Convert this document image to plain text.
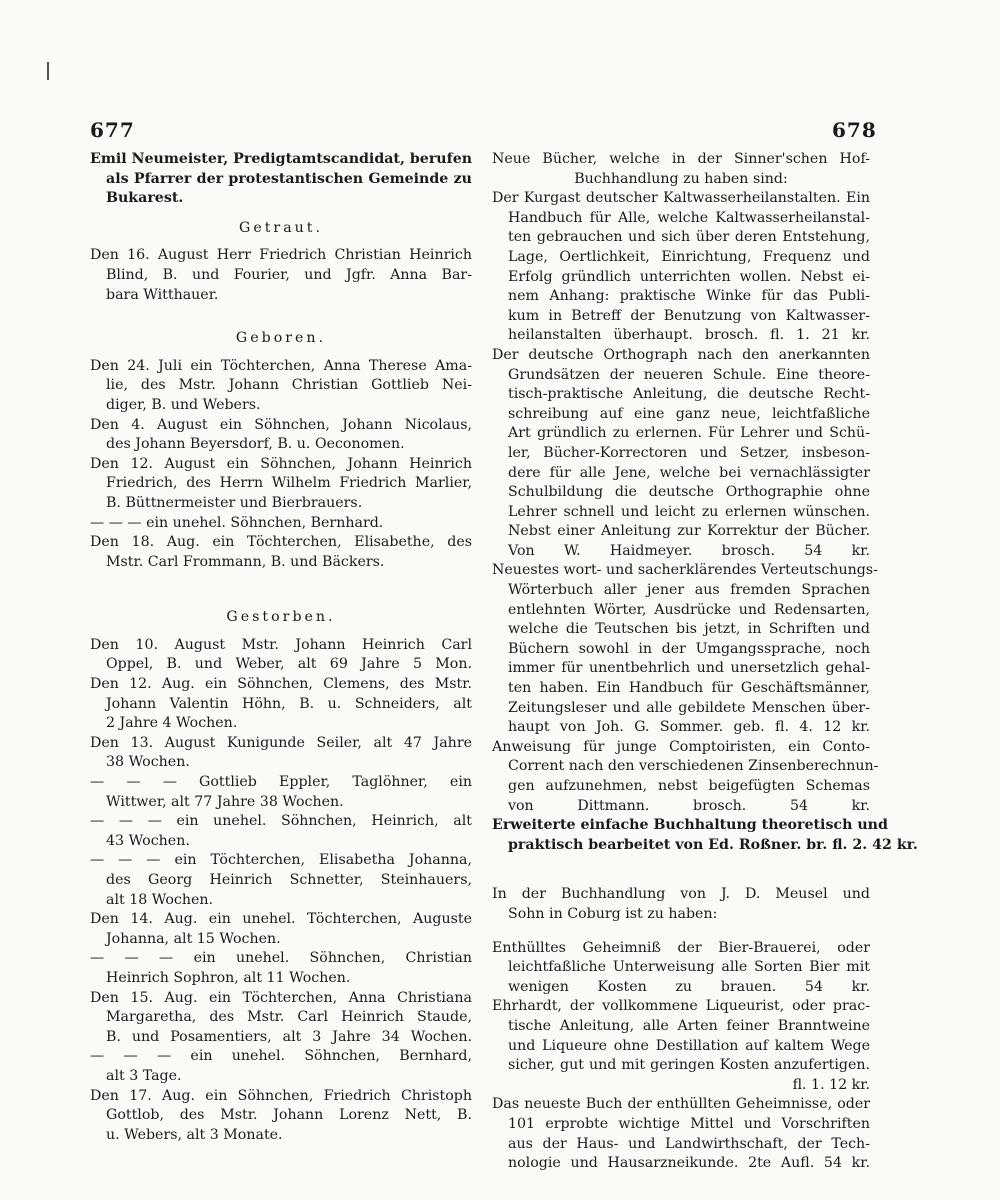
677	678
Emil Neumeister, Predigtamtscandidat, berufen
als Pfarrer der protestantischen Gemeinde zu
Bukarest.
Getraut.
Den 16. August Herr Friedrich Christian Heinrich
Blind, B. und Fourier, und Jgfr. Anna Bar-
bara Witthauer.
Geboren.
Den 24. Juli ein Töchterchen, Anna Therese Ama-
lie, des Mstr. Johann Christian Gottlieb Nei-
diger, B. und Webers.
Den 4. August ein Söhnchen, Johann Nicolaus,
des Johann Beyersdorf, B. u. Oeconomen.
Den 12. August ein Söhnchen, Johann Heinrich
Friedrich, des Herrn Wilhelm Friedrich Marlier,
B. Büttnermeister und Bierbrauers.
— — — ein unehel. Söhnchen, Bernhard.
Den 18. Aug. ein Töchterchen, Elisabethe, des
Mstr. Carl Frommann, B. und Bäckers.
Gestorben.
Den 10. August Mstr. Johann Heinrich Carl
Oppel, B. und Weber, alt 69 Jahre 5 Mon.
Den 12. Aug. ein Söhnchen, Clemens, des Mstr.
Johann Valentin Höhn, B. u. Schneiders, alt
2 Jahre 4 Wochen.
Den 13. August Kunigunde Seiler, alt 47 Jahre
38 Wochen.
— — — Gottlieb Eppler, Taglöhner, ein
Wittwer, alt 77 Jahre 38 Wochen.
— — — ein unehel. Söhnchen, Heinrich, alt
43 Wochen.
— — — ein Töchterchen, Elisabetha Johanna,
des Georg Heinrich Schnetter, Steinhauers,
alt 18 Wochen.
Den 14. Aug. ein unehel. Töchterchen, Auguste
Johanna, alt 15 Wochen.
— — — ein unehel. Söhnchen, Christian
Heinrich Sophron, alt 11 Wochen.
Den 15. Aug. ein Töchterchen, Anna Christiana
Margaretha, des Mstr. Carl Heinrich Staude,
B. und Posamentiers, alt 3 Jahre 34 Wochen.
— — — ein unehel. Söhnchen, Bernhard,
alt 3 Tage.
Den 17. Aug. ein Söhnchen, Friedrich Christoph
Gottlob, des Mstr. Johann Lorenz Nett, B.
u. Webers, alt 3 Monate.
Neue Bücher, welche in der Sinner'schen Hof-
Buchhandlung zu haben sind:
Der Kurgast deutscher Kaltwasserheilanstalten. Ein
Handbuch für Alle, welche Kaltwasserheilanstal-
ten gebrauchen und sich über deren Entstehung,
Lage, Oertlichkeit, Einrichtung, Frequenz und
Erfolg gründlich unterrichten wollen. Nebst ei-
nem Anhang: praktische Winke für das Publi-
kum in Betreff der Benutzung von Kaltwasser-
heilanstalten überhaupt. brosch. fl. 1. 21 kr.
Der deutsche Orthograph nach den anerkannten
Grundsätzen der neueren Schule. Eine theore-
tisch-praktische Anleitung, die deutsche Recht-
schreibung auf eine ganz neue, leichtfaßliche
Art gründlich zu erlernen. Für Lehrer und Schü-
ler, Bücher-Korrectoren und Setzer, insbeson-
dere für alle Jene, welche bei vernachlässigter
Schulbildung die deutsche Orthographie ohne
Lehrer schnell und leicht zu erlernen wünschen.
Nebst einer Anleitung zur Korrektur der Bücher.
Von W. Haidmeyer. brosch. 54 kr.
Neuestes wort- und sacherklärendes Verteutschungs-
Wörterbuch aller jener aus fremden Sprachen
entlehnten Wörter, Ausdrücke und Redensarten,
welche die Teutschen bis jetzt, in Schriften und
Büchern sowohl in der Umgangssprache, noch
immer für unentbehrlich und unersetzlich gehal-
ten haben. Ein Handbuch für Geschäftsmänner,
Zeitungsleser und alle gebildete Menschen über-
haupt von Joh. G. Sommer. geb. fl. 4. 12 kr.
Anweisung für junge Comptoiristen, ein Conto-
Corrent nach den verschiedenen Zinsenberechnun-
gen aufzunehmen, nebst beigefügten Schemas
von Dittmann. brosch. 54 kr.
Erweiterte einfache Buchhaltung theoretisch und
praktisch bearbeitet von Ed. Roßner. br. fl. 2. 42 kr.
In der Buchhandlung von J. D. Meusel und
Sohn in Coburg ist zu haben:
Enthülltes Geheimniß der Bier-Brauerei, oder
leichtfaßliche Unterweisung alle Sorten Bier mit
wenigen Kosten zu brauen. 54 kr.
Ehrhardt, der vollkommene Liqueurist, oder prac-
tische Anleitung, alle Arten feiner Branntweine
und Liqueure ohne Destillation auf kaltem Wege
sicher, gut und mit geringen Kosten anzufertigen.
fl. 1. 12 kr.
Das neueste Buch der enthüllten Geheimnisse, oder
101 erprobte wichtige Mittel und Vorschriften
aus der Haus- und Landwirthschaft, der Tech-
nologie und Hausarzneikunde. 2te Aufl. 54 kr.
